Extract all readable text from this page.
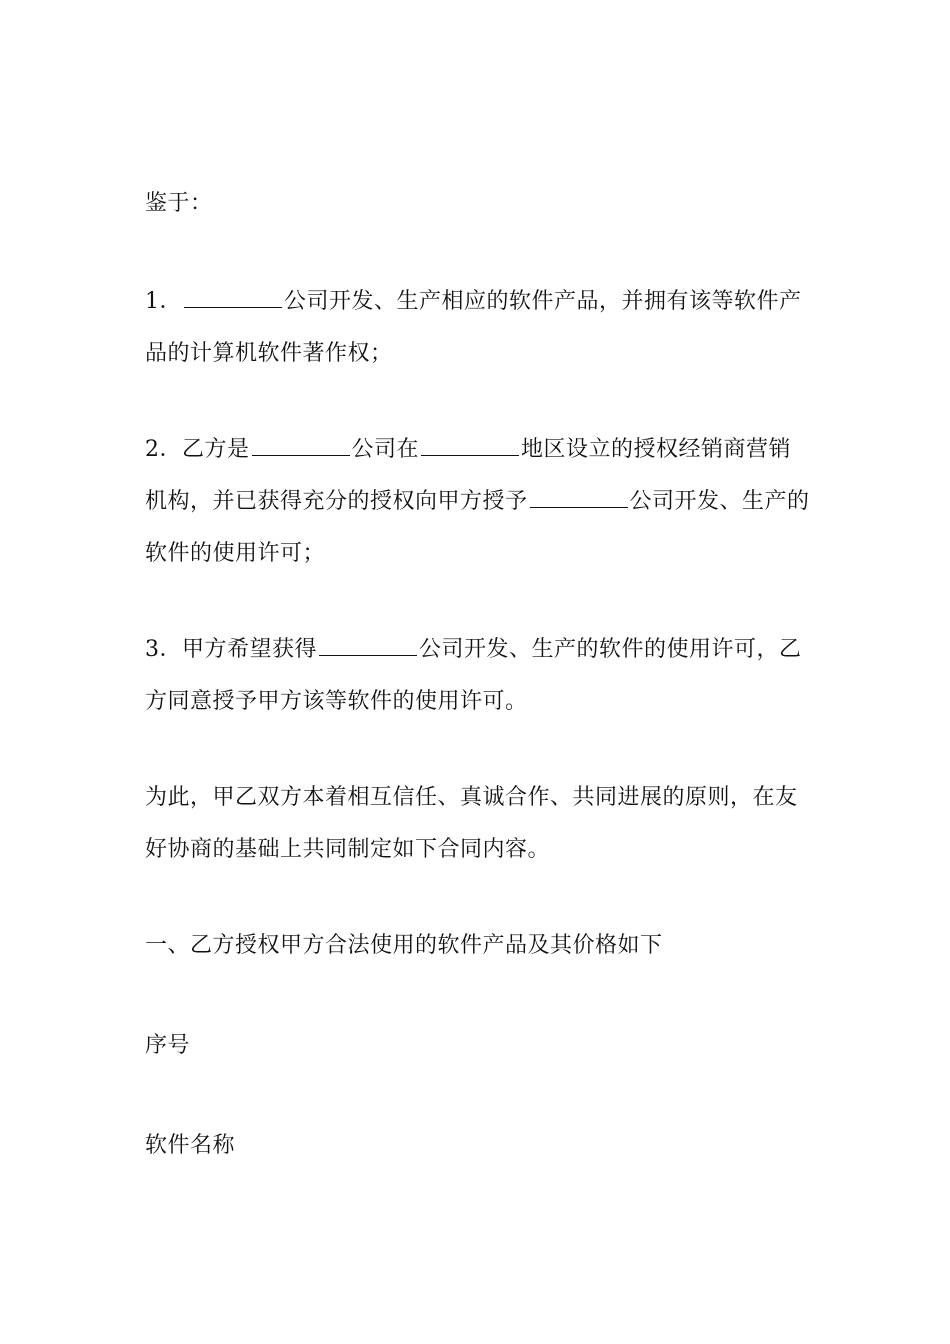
鉴于：

1．	公司开发、生产相应的软件产品，并拥有该等软件产品的计算机软件著作权；

2．乙方是	公司在	地区设立的授权经销商营销机构，并已获得充分的授权向甲方授予	公司开发、生产的软件的使用许可；

3．甲方希望获得	公司开发、生产的软件的使用许可，乙方同意授予甲方该等软件的使用许可。

为此，甲乙双方本着相互信任、真诚合作、共同进展的原则，在友好协商的基础上共同制定如下合同内容。

一、乙方授权甲方合法使用的软件产品及其价格如下

序号

软件名称
